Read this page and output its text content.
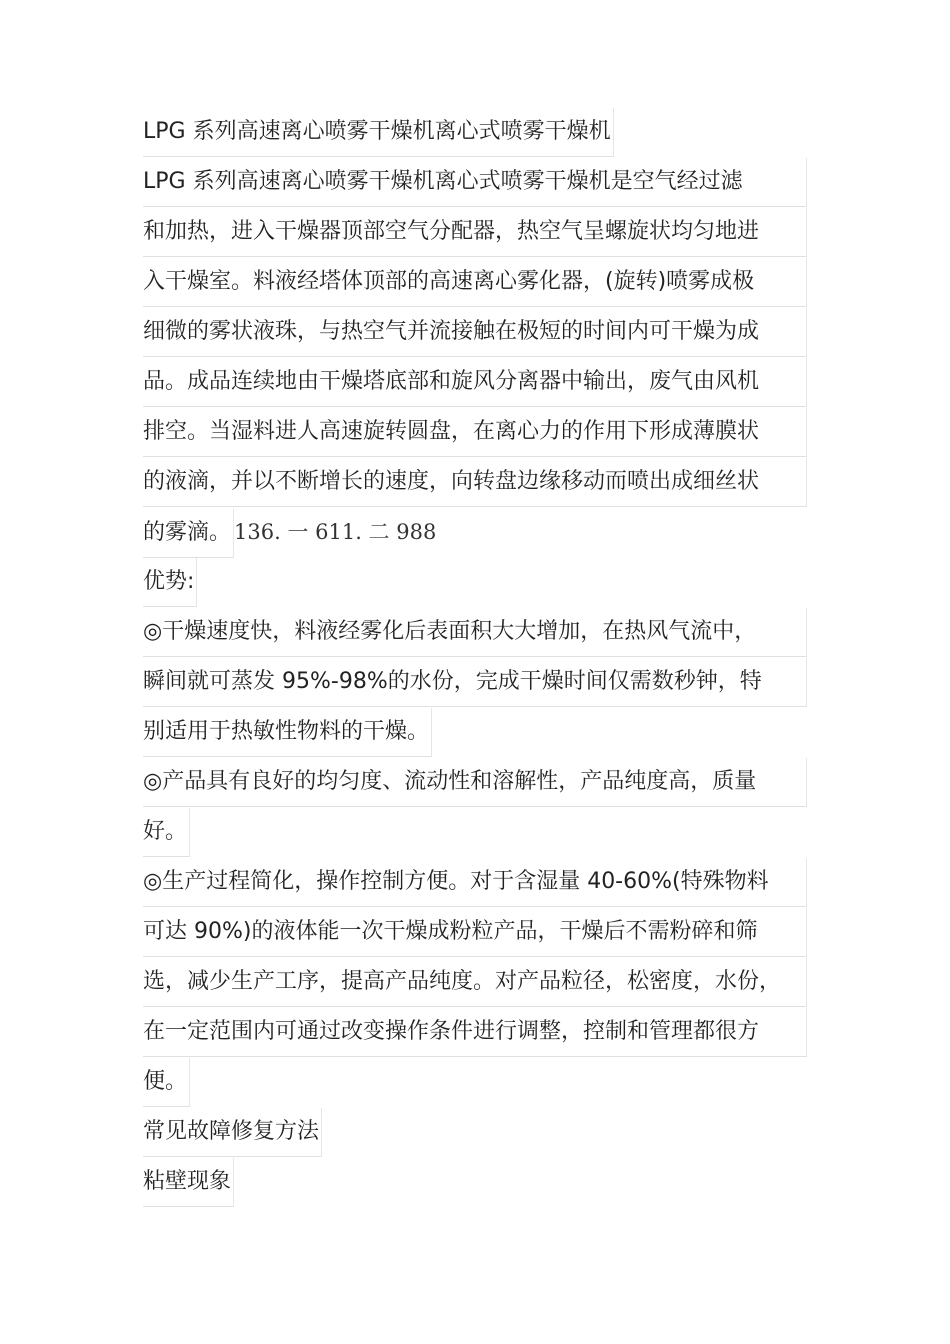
LPG 系列高速离心喷雾干燥机离心式喷雾干燥机
LPG 系列高速离心喷雾干燥机离心式喷雾干燥机是空气经过滤
和加热，进入干燥器顶部空气分配器，热空气呈螺旋状均匀地进
入干燥室。料液经塔体顶部的高速离心雾化器，(旋转)喷雾成极
细微的雾状液珠，与热空气并流接触在极短的时间内可干燥为成
品。成品连续地由干燥塔底部和旋风分离器中输出，废气由风机
排空。当湿料进人高速旋转圆盘，在离心力的作用下形成薄膜状
的液滴，并以不断增长的速度，向转盘边缘移动而喷出成细丝状
的雾滴。 136. 一 611. 二 988
优势:
◎干燥速度快，料液经雾化后表面积大大增加，在热风气流中，
瞬间就可蒸发 95%-98%的水份，完成干燥时间仅需数秒钟，特
别适用于热敏性物料的干燥。
◎产品具有良好的均匀度、流动性和溶解性，产品纯度高，质量
好。
◎生产过程简化，操作控制方便。对于含湿量 40-60%(特殊物料
可达 90%)的液体能一次干燥成粉粒产品，干燥后不需粉碎和筛
选，减少生产工序，提高产品纯度。对产品粒径，松密度，水份，
在一定范围内可通过改变操作条件进行调整，控制和管理都很方
便。
常见故障修复方法
粘壁现象
